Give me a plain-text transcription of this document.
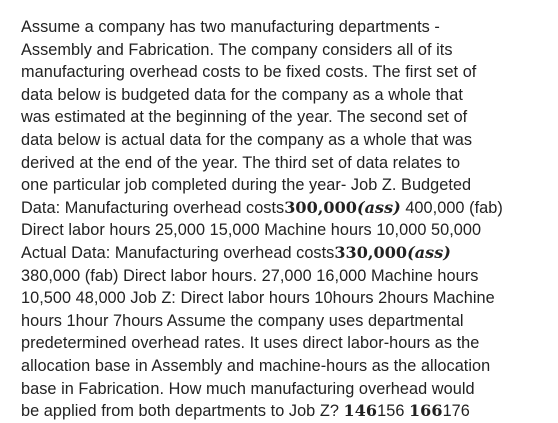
Assume a company has two manufacturing departments -
Assembly and Fabrication. The company considers all of its
manufacturing overhead costs to be fixed costs. The first set of
data below is budgeted data for the company as a whole that
was estimated at the beginning of the year. The second set of
data below is actual data for the company as a whole that was
derived at the end of the year. The third set of data relates to
one particular job completed during the year- Job Z. Budgeted
Data: Manufacturing overhead costs300,000(ass) 400,000 (fab)
Direct labor hours 25,000 15,000 Machine hours 10,000 50,000
Actual Data: Manufacturing overhead costs330,000(ass)
380,000 (fab) Direct labor hours. 27,000 16,000 Machine hours
10,500 48,000 Job Z: Direct labor hours 10hours 2hours Machine
hours 1hour 7hours Assume the company uses departmental
predetermined overhead rates. It uses direct labor-hours as the
allocation base in Assembly and machine-hours as the allocation
base in Fabrication. How much manufacturing overhead would
be applied from both departments to Job Z? 146156 166176
